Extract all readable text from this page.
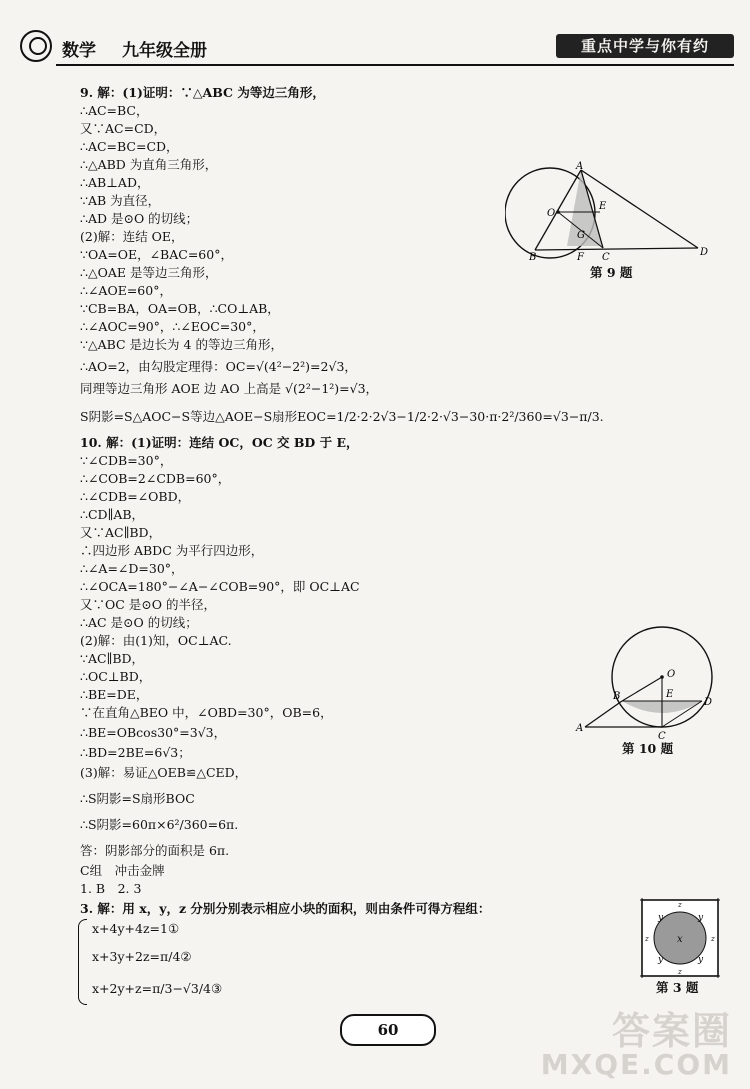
数学 九年级全册	重点中学与你有约
9. 解：(1)证明：∵△ABC 为等边三角形，
∴AC=BC，
又∵AC=CD，
∴AC=BC=CD，
∴△ABD 为直角三角形，
∴AB⊥AD，
∵AB 为直径，
∴AD 是⊙O 的切线；
(2)解：连结 OE，
∵OA=OE，∠BAC=60°，
∴△OAE 是等边三角形，
∴∠AOE=60°，
∵CB=BA，OA=OB，∴CO⊥AB，
∴∠AOC=90°，∴∠EOC=30°，
∵△ABC 是边长为 4 的等边三角形，
∴AO=2，由勾股定理得：OC=√(4²−2²)=2√3，
同理等边三角形 AOE 边 AO 上高是 √(2²−1²)=√3，
S阴影=S△AOC−S等边△AOE−S扇形EOC=1/2·2·2√3−1/2·2·√3−30·π·2²/360=√3−π/3.
10. 解：(1)证明：连结 OC，OC 交 BD 于 E，
∵∠CDB=30°，
∴∠COB=2∠CDB=60°，
∴∠CDB=∠OBD，
∴CD∥AB，
又∵AC∥BD，
∴四边形 ABDC 为平行四边形，
∴∠A=∠D=30°，
∴∠OCA=180°−∠A−∠COB=90°，即 OC⊥AC
又∵OC 是⊙O 的半径，
∴AC 是⊙O 的切线；
(2)解：由(1)知，OC⊥AC.
∵AC∥BD，
∴OC⊥BD，
∴BE=DE，
∵在直角△BEO 中，∠OBD=30°，OB=6，
∴BE=OBcos30°=3√3，
∴BD=2BE=6√3；
(3)解：易证△OEB≌△CED，
∴S阴影=S扇形BOC
∴S阴影=60π×6²/360=6π.
答：阴影部分的面积是 6π.
C组　冲击金牌
1. B　2. 3
3. 解：用 x，y，z 分别分别表示相应小块的面积，则由条件可得方程组：
x+4y+4z=1①
x+3y+2z=π/4②
x+2y+z=π/3−√3/4③
A
O
E
G
B	F C	D
第 9 题
O
B	E
D
A
C
第 10 题
y	y
y	y
x
z
z
z	z
第 3 题
60	答案圈
MXQE.COM
